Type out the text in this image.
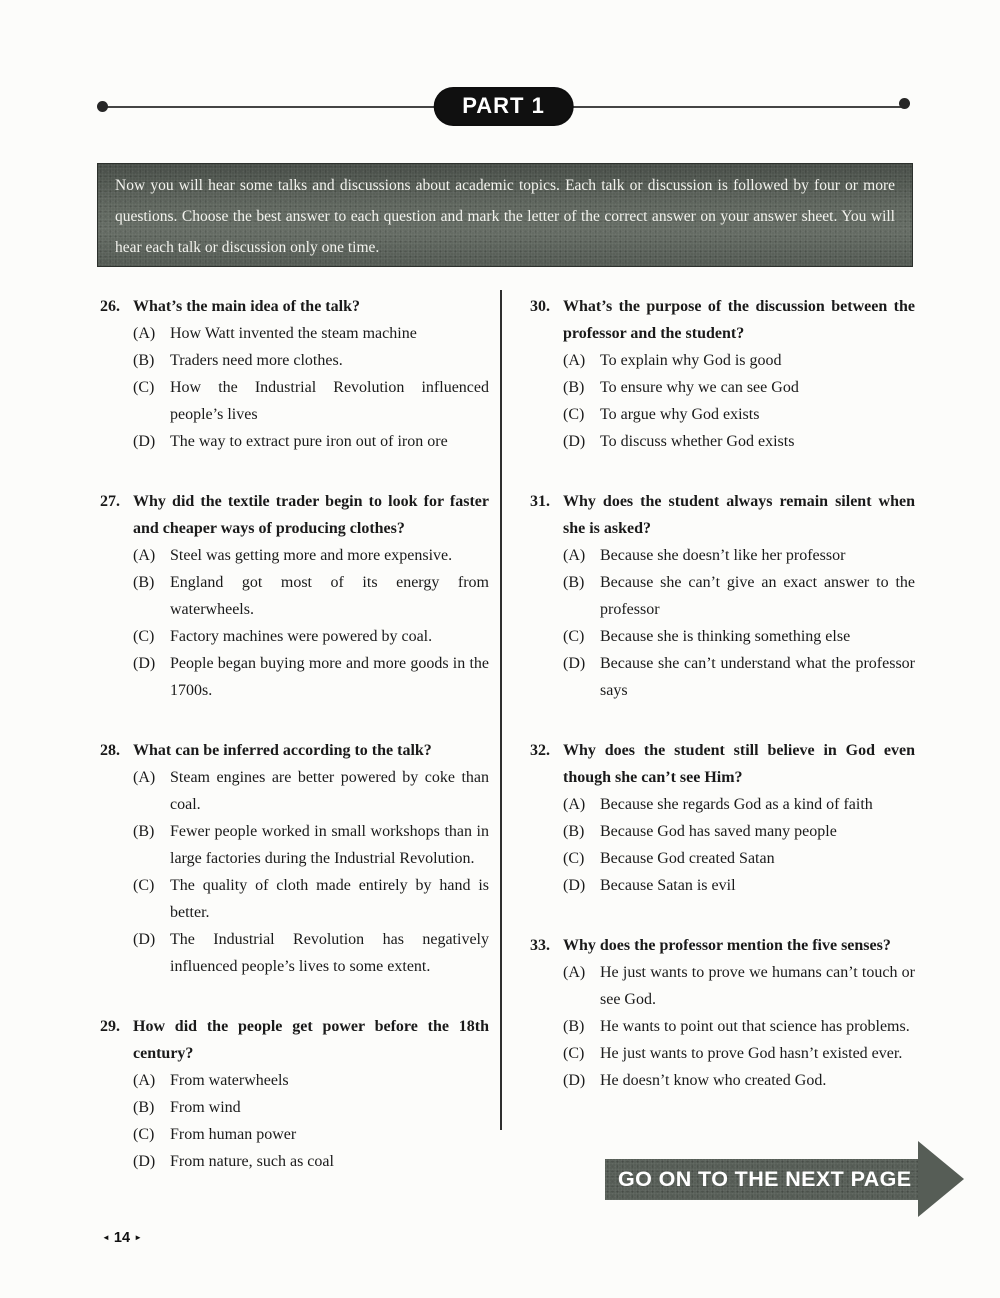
PART 1
Now you will hear some talks and discussions about academic topics. Each talk or discussion is followed by four or more questions. Choose the best answer to each question and mark the letter of the correct answer on your answer sheet. You will hear each talk or discussion only one time.
26. What’s the main idea of the talk?
(A) How Watt invented the steam machine
(B) Traders need more clothes.
(C) How the Industrial Revolution influenced people’s lives
(D) The way to extract pure iron out of iron ore
27. Why did the textile trader begin to look for faster and cheaper ways of producing clothes?
(A) Steel was getting more and more expensive.
(B) England got most of its energy from waterwheels.
(C) Factory machines were powered by coal.
(D) People began buying more and more goods in the 1700s.
28. What can be inferred according to the talk?
(A) Steam engines are better powered by coke than coal.
(B) Fewer people worked in small workshops than in large factories during the Industrial Revolution.
(C) The quality of cloth made entirely by hand is better.
(D) The Industrial Revolution has negatively influenced people’s lives to some extent.
29. How did the people get power before the 18th century?
(A) From waterwheels
(B) From wind
(C) From human power
(D) From nature, such as coal
30. What’s the purpose of the discussion between the professor and the student?
(A) To explain why God is good
(B) To ensure why we can see God
(C) To argue why God exists
(D) To discuss whether God exists
31. Why does the student always remain silent when she is asked?
(A) Because she doesn’t like her professor
(B) Because she can’t give an exact answer to the professor
(C) Because she is thinking something else
(D) Because she can’t understand what the professor says
32. Why does the student still believe in God even though she can’t see Him?
(A) Because she regards God as a kind of faith
(B) Because God has saved many people
(C) Because God created Satan
(D) Because Satan is evil
33. Why does the professor mention the five senses?
(A) He just wants to prove we humans can’t touch or see God.
(B) He wants to point out that science has problems.
(C) He just wants to prove God hasn’t existed ever.
(D) He doesn’t know who created God.
GO ON TO THE NEXT PAGE
◄ 14 ►
